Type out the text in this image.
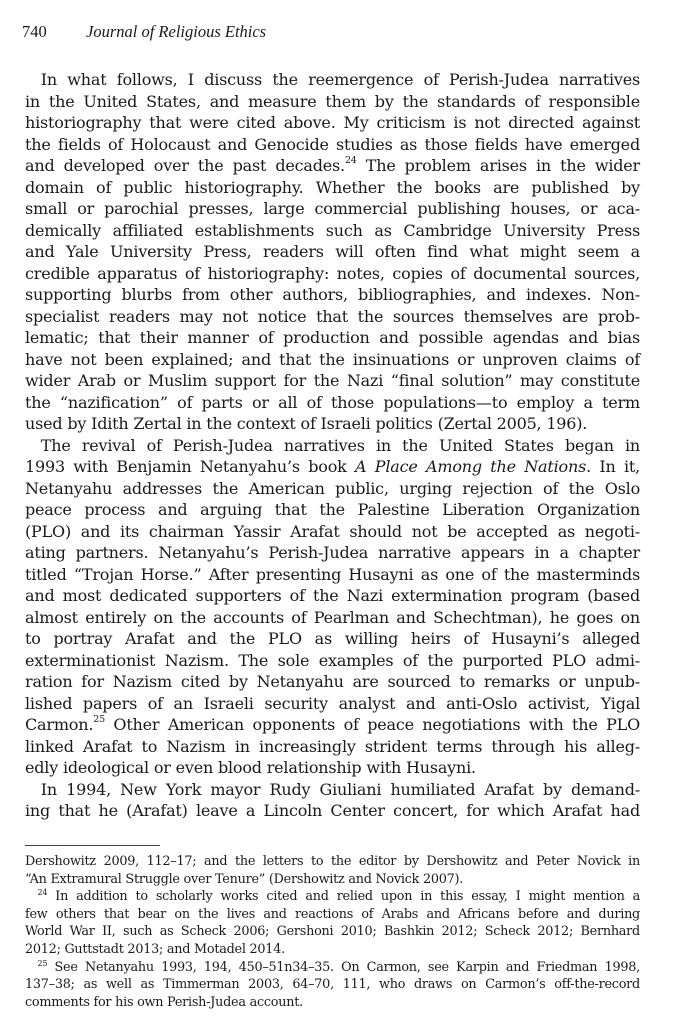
740 Journal of Religious Ethics
 In what follows, I discuss the reemergence of Perish-Judea narratives
in the United States, and measure them by the standards of responsible
historiography that were cited above. My criticism is not directed against
the fields of Holocaust and Genocide studies as those fields have emerged
and developed over the past decades.$^{24}$ The problem arises in the wider
domain of public historiography. Whether the books are published by
small or parochial presses, large commercial publishing houses, or aca-
demically affiliated establishments such as Cambridge University Press
and Yale University Press, readers will often find what might seem a
credible apparatus of historiography: notes, copies of documental sources,
supporting blurbs from other authors, bibliographies, and indexes. Non-
specialist readers may not notice that the sources themselves are prob-
lematic; that their manner of production and possible agendas and bias
have not been explained; and that the insinuations or unproven claims of
wider Arab or Muslim support for the Nazi “final solution” may constitute
the “nazification” of parts or all of those populations—to employ a term
used by Idith Zertal in the context of Israeli politics (Zertal 2005, 196).
 The revival of Perish-Judea narratives in the United States began in
1993 with Benjamin Netanyahu’s book A Place Among the Nations. In it,
Netanyahu addresses the American public, urging rejection of the Oslo
peace process and arguing that the Palestine Liberation Organization
(PLO) and its chairman Yassir Arafat should not be accepted as negoti-
ating partners. Netanyahu’s Perish-Judea narrative appears in a chapter
titled “Trojan Horse.” After presenting Husayni as one of the masterminds
and most dedicated supporters of the Nazi extermination program (based
almost entirely on the accounts of Pearlman and Schechtman), he goes on
to portray Arafat and the PLO as willing heirs of Husayni’s alleged
exterminationist Nazism. The sole examples of the purported PLO admi-
ration for Nazism cited by Netanyahu are sourced to remarks or unpub-
lished papers of an Israeli security analyst and anti-Oslo activist, Yigal
Carmon.$^{25}$ Other American opponents of peace negotiations with the PLO
linked Arafat to Nazism in increasingly strident terms through his alleg-
edly ideological or even blood relationship with Husayni.
 In 1994, New York mayor Rudy Giuliani humiliated Arafat by demand-
ing that he (Arafat) leave a Lincoln Center concert, for which Arafat had
Dershowitz 2009, 112–17; and the letters to the editor by Dershowitz and Peter Novick in
“An Extramural Struggle over Tenure” (Dershowitz and Novick 2007).
 $^{24}$ In addition to scholarly works cited and relied upon in this essay, I might mention a
few others that bear on the lives and reactions of Arabs and Africans before and during
World War II, such as Scheck 2006; Gershoni 2010; Bashkin 2012; Scheck 2012; Bernhard
2012; Guttstadt 2013; and Motadel 2014.
 $^{25}$ See Netanyahu 1993, 194, 450–51n34–35. On Carmon, see Karpin and Friedman 1998,
137–38; as well as Timmerman 2003, 64–70, 111, who draws on Carmon’s off-the-record
comments for his own Perish-Judea account.
